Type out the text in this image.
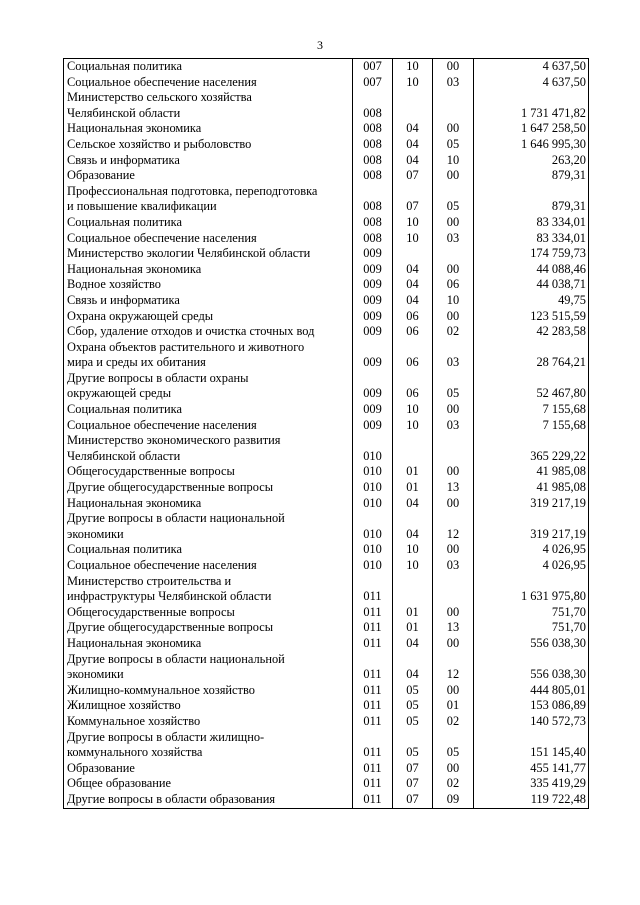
3
Социальная политика	007	10	00	4 637,50

Социальное обеспечение населения	007	10	03	4 637,50

Министерство сельского хозяйства
Челябинской области	008			1 731 471,82

Национальная экономика	008	04	00	1 647 258,50

Сельское хозяйство и рыболовство	008	04	05	1 646 995,30

Связь и информатика	008	04	10	263,20

Образование	008	07	00	879,31

Профессиональная подготовка, переподготовка
и повышение квалификации	008	07	05	879,31

Социальная политика	008	10	00	83 334,01

Социальное обеспечение населения	008	10	03	83 334,01

Министерство экологии Челябинской области	009			174 759,73

Национальная экономика	009	04	00	44 088,46

Водное хозяйство	009	04	06	44 038,71

Связь и информатика	009	04	10	49,75

Охрана окружающей среды	009	06	00	123 515,59

Сбор, удаление отходов и очистка сточных вод	009	06	02	42 283,58

Охрана объектов растительного и животного
мира и среды их обитания	009	06	03	28 764,21

Другие вопросы в области охраны
окружающей среды	009	06	05	52 467,80

Социальная политика	009	10	00	7 155,68

Социальное обеспечение населения	009	10	03	7 155,68

Министерство экономического развития
Челябинской области	010			365 229,22

Общегосударственные вопросы	010	01	00	41 985,08

Другие общегосударственные вопросы	010	01	13	41 985,08

Национальная экономика	010	04	00	319 217,19

Другие вопросы в области национальной
экономики	010	04	12	319 217,19

Социальная политика	010	10	00	4 026,95

Социальное обеспечение населения	010	10	03	4 026,95

Министерство строительства и
инфраструктуры Челябинской области	011			1 631 975,80

Общегосударственные вопросы	011	01	00	751,70

Другие общегосударственные вопросы	011	01	13	751,70

Национальная экономика	011	04	00	556 038,30

Другие вопросы в области национальной
экономики	011	04	12	556 038,30

Жилищно-коммунальное хозяйство	011	05	00	444 805,01

Жилищное хозяйство	011	05	01	153 086,89

Коммунальное хозяйство	011	05	02	140 572,73

Другие вопросы в области жилищно-
коммунального хозяйства	011	05	05	151 145,40

Образование	011	07	00	455 141,77

Общее образование	011	07	02	335 419,29

Другие вопросы в области образования	011	07	09	119 722,48
